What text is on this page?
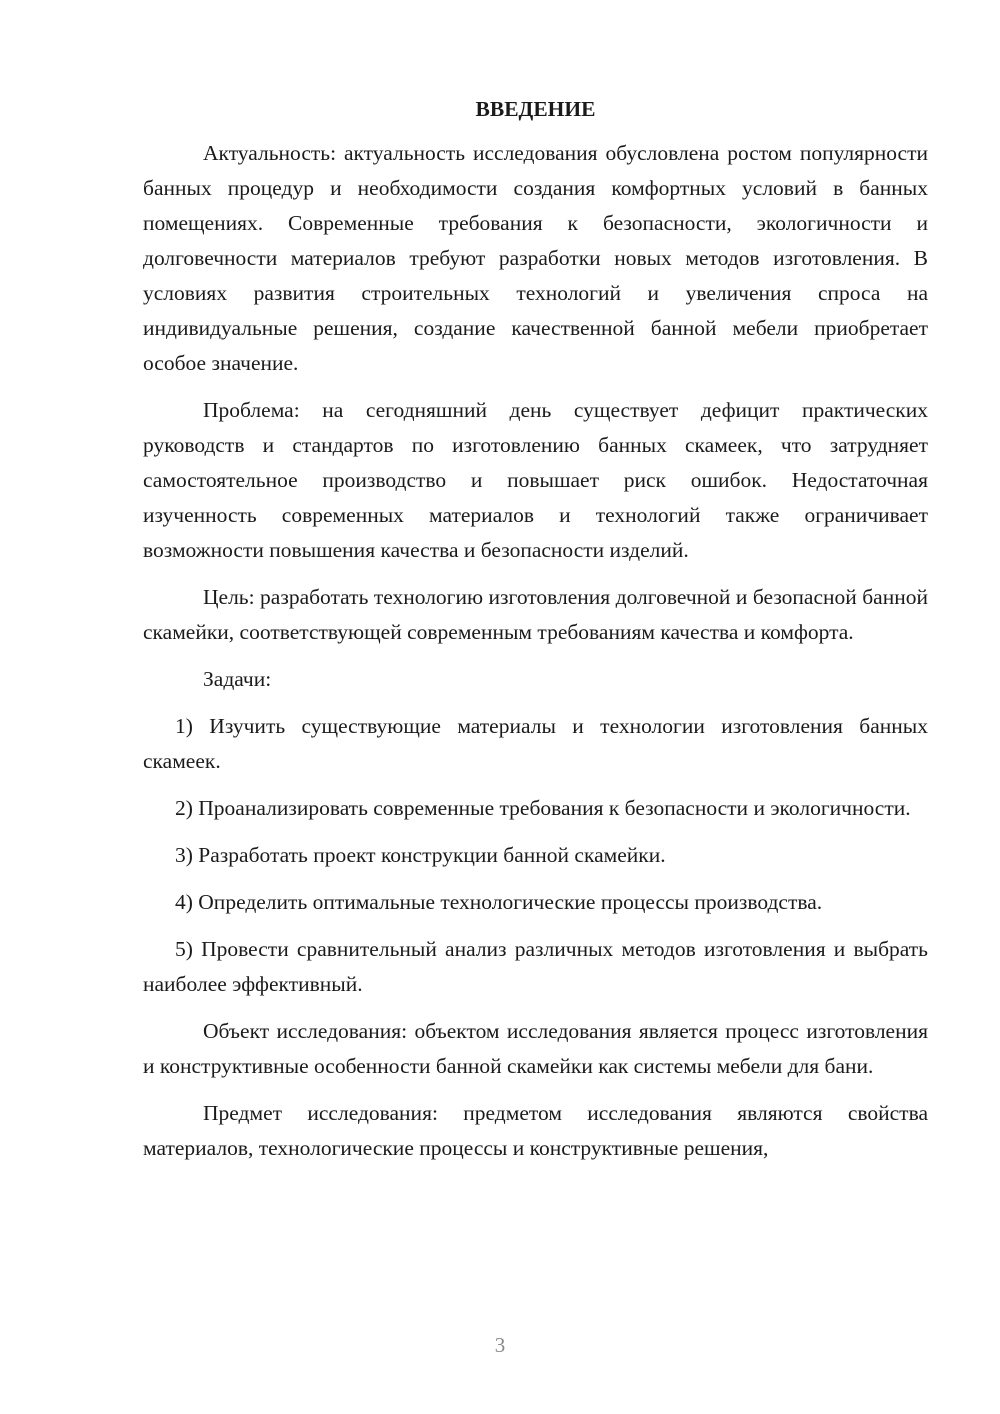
ВВЕДЕНИЕ

Актуальность: актуальность исследования обусловлена ростом популярности банных процедур и необходимости создания комфортных условий в банных помещениях. Современные требования к безопасности, экологичности и долговечности материалов требуют разработки новых методов изготовления. В условиях развития строительных технологий и увеличения спроса на индивидуальные решения, создание качественной банной мебели приобретает особое значение.

Проблема: на сегодняшний день существует дефицит практических руководств и стандартов по изготовлению банных скамеек, что затрудняет самостоятельное производство и повышает риск ошибок. Недостаточная изученность современных материалов и технологий также ограничивает возможности повышения качества и безопасности изделий.

Цель: разработать технологию изготовления долговечной и безопасной банной скамейки, соответствующей современным требованиям качества и комфорта.

Задачи:

1) Изучить существующие материалы и технологии изготовления банных скамеек.

2) Проанализировать современные требования к безопасности и экологичности.

3) Разработать проект конструкции банной скамейки.

4) Определить оптимальные технологические процессы производства.

5) Провести сравнительный анализ различных методов изготовления и выбрать наиболее эффективный.

Объект исследования: объектом исследования является процесс изготовления и конструктивные особенности банной скамейки как системы мебели для бани.

Предмет исследования: предметом исследования являются свойства материалов, технологические процессы и конструктивные решения,

3
